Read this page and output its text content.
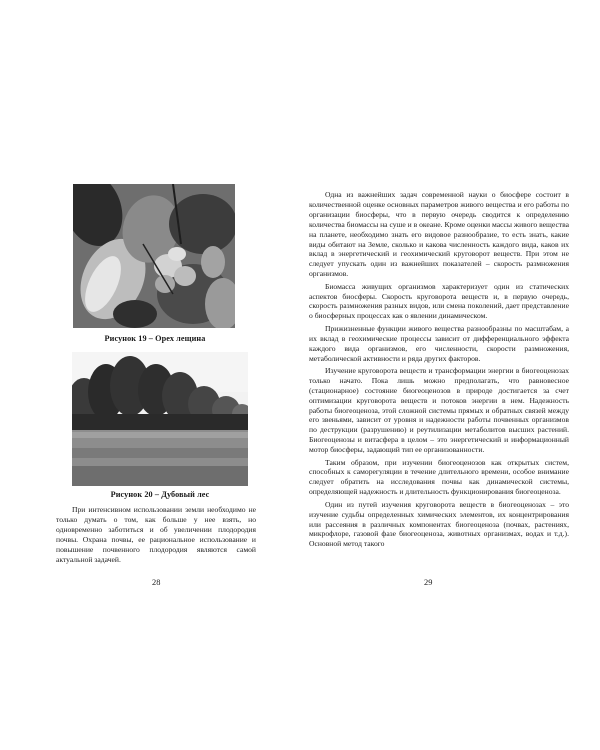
Рисунок 19 – Орех лещина
Рисунок 20 – Дубовый лес

При интенсивном использовании земли необходимо не только думать о том, как больше у нее взять, но одновременно заботиться и об увеличении плодородия почвы. Охрана почвы, ее рациональное использование и повышение почвенного плодородия являются самой актуальной задачей.

28

Одна из важнейших задач современной науки о биосфере состоит в количественной оценке основных параметров живого вещества и его работы по организации биосферы, что в первую очередь сводится к определению количества биомассы на суше и в океане. Кроме оценки массы живого вещества на планете, необходимо знать его видовое разнообразие, то есть знать, какие виды обитают на Земле, сколько и какова численность каждого вида, каков их вклад в энергетический и геохимический круговорот веществ. При этом не следует упускать один из важнейших показателей – скорость размножения организмов.

Биомасса живущих организмов характеризует один из статических аспектов биосферы. Скорость круговорота веществ и, в первую очередь, скорость размножения разных видов, или смена поколений, дает представление о биосферных процессах как о явлении динамическом.

Прижизненные функции живого вещества разнообразны по масштабам, а их вклад в геохимические процессы зависит от дифференциального эффекта каждого вида организмов, его численности, скорости размножения, метаболической активности и ряда других факторов.

Изучение круговорота веществ и трансформации энергии в биогеоценозах только начато. Пока лишь можно предполагать, что равновесное (стационарное) состояние биогеоценозов в природе достигается за счет оптимизации круговорота веществ и потоков энергии в нем. Надежность работы биогеоценоза, этой сложной системы прямых и обратных связей между его звеньями, зависит от уровня и надежности работы почвенных организмов по деструкции (разрушению) и реутилизации метаболитов высших растений. Биогеоценозы и витасфера в целом – это энергетический и информационный мотор биосферы, задающий тип ее организованности.

Таким образом, при изучении биогеоценозов как открытых систем, способных к саморегуляции в течение длительного времени, особое внимание следует обратить на исследования почвы как динамической системы, определяющей надежность и длительность функционирования биогеоценоза.

Один из путей изучения круговорота веществ в биогеоценозах – это изучение судьбы определенных химических элементов, их концентрирования или рассеяния в различных компонентах биогеоценоза (почвах, растениях, микрофлоре, газовой фазе биогеоценоза, животных организмах, водах и т.д.). Основной метод такого

29
